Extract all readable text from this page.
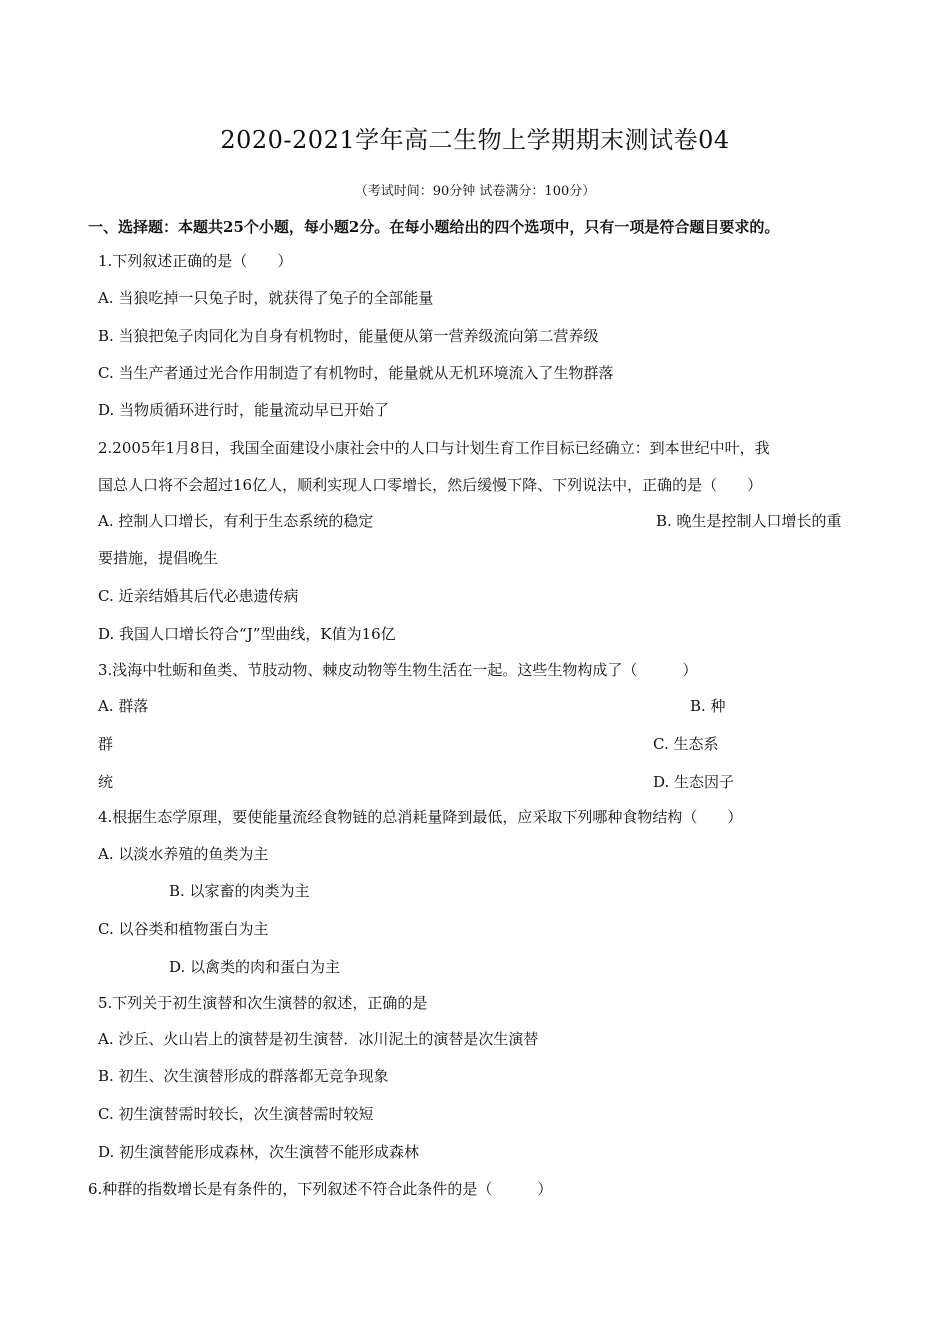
2020-2021学年高二生物上学期期末测试卷04
（考试时间：90分钟 试卷满分：100分）
一、选择题：本题共25个小题，每小题2分。在每小题给出的四个选项中，只有一项是符合题目要求的。
1.下列叙述正确的是（　　）
A. 当狼吃掉一只兔子时，就获得了兔子的全部能量
B. 当狼把兔子肉同化为自身有机物时，能量便从第一营养级流向第二营养级
C. 当生产者通过光合作用制造了有机物时，能量就从无机环境流入了生物群落
D. 当物质循环进行时，能量流动早已开始了
2.2005年1月8日，我国全面建设小康社会中的人口与计划生育工作目标已经确立：到本世纪中叶，我
国总人口将不会超过16亿人，顺利实现人口零增长，然后缓慢下降、下列说法中，正确的是（　　）
A. 控制人口增长，有利于生态系统的稳定	B. 晚生是控制人口增长的重
要措施，提倡晚生
C. 近亲结婚其后代必患遗传病
D. 我国人口增长符合“J”型曲线，K值为16亿
3.浅海中牡蛎和鱼类、节肢动物、棘皮动物等生物生活在一起。这些生物构成了（　　　）
A. 群落	B. 种
群	C. 生态系
统	D. 生态因子
4.根据生态学原理，要使能量流经食物链的总消耗量降到最低，应采取下列哪种食物结构（　　）
A. 以淡水养殖的鱼类为主
B. 以家畜的肉类为主
C. 以谷类和植物蛋白为主
D. 以禽类的肉和蛋白为主
5.下列关于初生演替和次生演替的叙述，正确的是
A. 沙丘、火山岩上的演替是初生演替．冰川泥土的演替是次生演替
B. 初生、次生演替形成的群落都无竞争现象
C. 初生演替需时较长，次生演替需时较短
D. 初生演替能形成森林，次生演替不能形成森林
6.种群的指数增长是有条件的，下列叙述不符合此条件的是（　　　）
